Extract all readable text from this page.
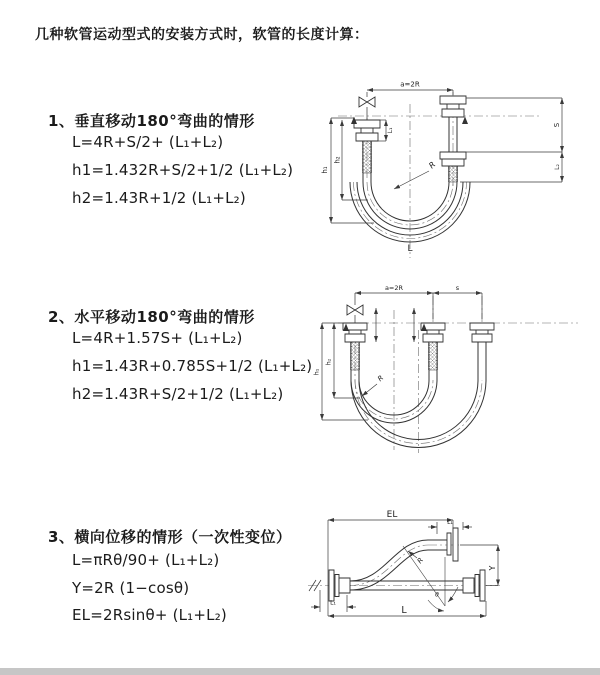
几种软管运动型式的安装方式时，软管的长度计算：
1、垂直移动180°弯曲的情形
L=4R+S/2+ (L₁+L₂)
h1=1.432R+S/2+1/2 (L₁+L₂)
h2=1.43R+1/2 (L₁+L₂)
a=2R
h₁
h₂
L₁
S
L₂
R
L
2、水平移动180°弯曲的情形
L=4R+1.57S+ (L₁+L₂)
h1=1.43R+0.785S+1/2 (L₁+L₂)
h2=1.43R+S/2+1/2 (L₁+L₂)
a=2R	s
h₁
h₂
R
3、横向位移的情形（一次性变位）
L=πRθ/90+ (L₁+L₂)
Y=2R (1−cosθ)
EL=2Rsinθ+ (L₁+L₂)
EL
L₁
Y
R
θ
L
L₁
